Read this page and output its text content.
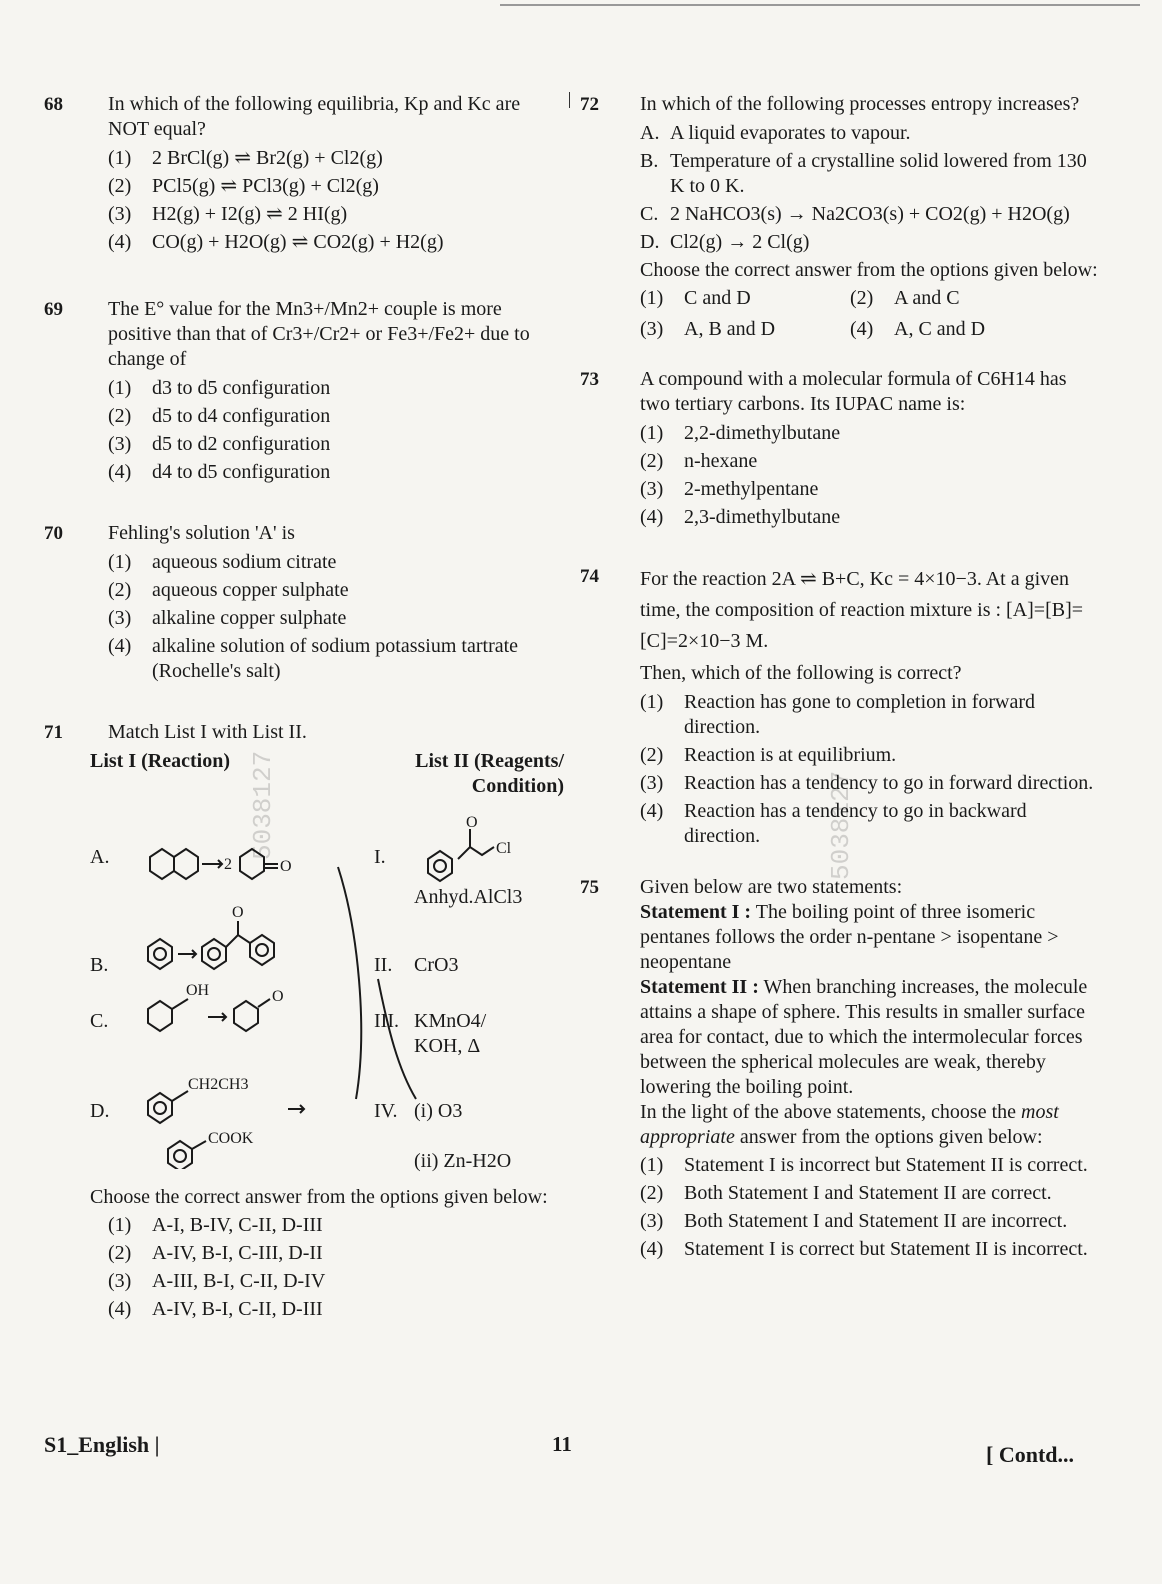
68	In which of the following equilibria, Kp and Kc are NOT equal?
(1)	2 BrCl(g) ⇌ Br2(g) + Cl2(g)
(2)	PCl5(g) ⇌ PCl3(g) + Cl2(g)
(3)	H2(g) + I2(g) ⇌ 2 HI(g)
(4)	CO(g) + H2O(g) ⇌ CO2(g) + H2(g)
69	The E° value for the Mn3+/Mn2+ couple is more positive than that of Cr3+/Cr2+ or Fe3+/Fe2+ due to change of
(1)	d3 to d5 configuration
(2)	d5 to d4 configuration
(3)	d5 to d2 configuration
(4)	d4 to d5 configuration
70	Fehling's solution 'A' is
(1)	aqueous sodium citrate
(2)	aqueous copper sulphate
(3)	alkaline copper sulphate
(4)	alkaline solution of sodium potassium tartrate (Rochelle's salt)
71	Match List I with List II.
List I (Reaction)	List II (Reagents/ Condition)
2	O
O
Cl
O
OH	O
CH2CH3
COOK
A.	I.
Anhyd.AlCl3
B.	II. CrO3
C.	III. KMnO4/ KOH, Δ
D.	IV. (i) O3
(ii) Zn-H2O
Choose the correct answer from the options given below:
(1)	A-I, B-IV, C-II, D-III
(2)	A-IV, B-I, C-III, D-II
(3)	A-III, B-I, C-II, D-IV
(4)	A-IV, B-I, C-II, D-III
72	In which of the following processes entropy increases?
A. A liquid evaporates to vapour.
B. Temperature of a crystalline solid lowered from 130 K to 0 K.
C. 2 NaHCO3(s) → Na2CO3(s) + CO2(g) + H2O(g)
D. Cl2(g) → 2 Cl(g)
Choose the correct answer from the options given below:
(1)	C and D	(2)	A and C
(3)	A, B and D	(4)	A, C and D
73	A compound with a molecular formula of C6H14 has two tertiary carbons. Its IUPAC name is:
(1)	2,2-dimethylbutane
(2)	n-hexane
(3)	2-methylpentane
(4)	2,3-dimethylbutane
74	For the reaction 2A ⇌ B+C, Kc = 4×10−3. At a given time, the composition of reaction mixture is : [A]=[B]=[C]=2×10−3 M.
Then, which of the following is correct?
(1)	Reaction has gone to completion in forward direction.
(2)	Reaction is at equilibrium.
(3)	Reaction has a tendency to go in forward direction.
(4)	Reaction has a tendency to go in backward direction.
75	Given below are two statements:
Statement I : The boiling point of three isomeric pentanes follows the order n-pentane > isopentane > neopentane
Statement II : When branching increases, the molecule attains a shape of sphere. This results in smaller surface area for contact, due to which the intermolecular forces between the spherical molecules are weak, thereby lowering the boiling point.
In the light of the above statements, choose the most appropriate answer from the options given below:
(1)	Statement I is incorrect but Statement II is correct.
(2)	Both Statement I and Statement II are correct.
(3)	Both Statement I and Statement II are incorrect.
(4)	Statement I is correct but Statement II is incorrect.
5038127	5038127
S1_English |	11	[ Contd...
